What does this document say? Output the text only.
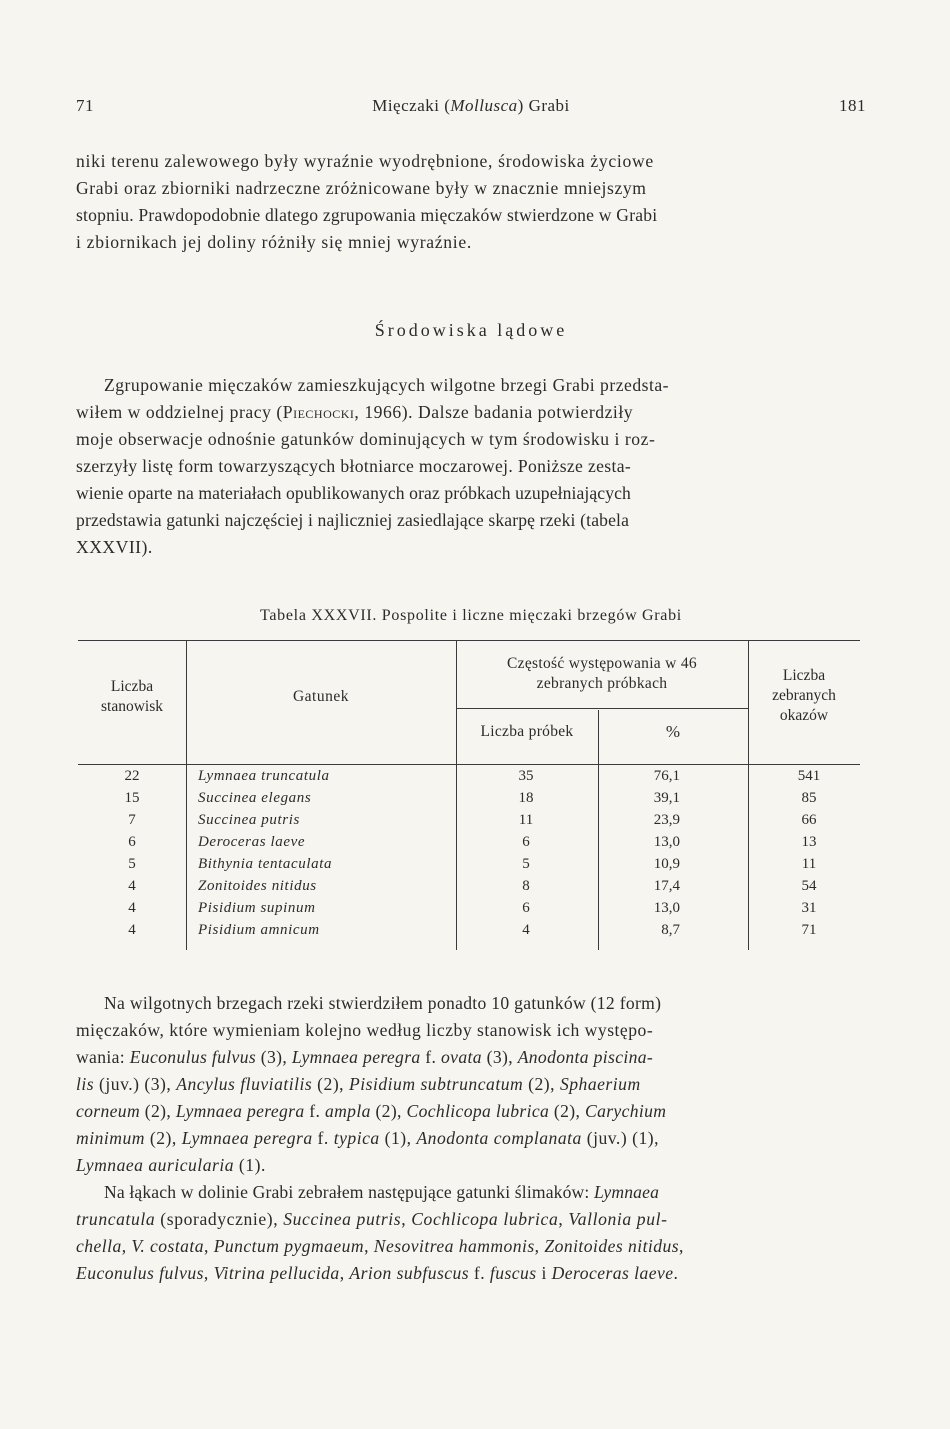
71	Mięczaki (Mollusca) Grabi	181
niki terenu zalewowego były wyraźnie wyodrębnione, środowiska życiowe
Grabi oraz zbiorniki nadrzeczne zróżnicowane były w znacznie mniejszym
stopniu. Prawdopodobnie dlatego zgrupowania mięczaków stwierdzone w Grabi
i zbiornikach jej doliny różniły się mniej wyraźnie.
Środowiska lądowe
Zgrupowanie mięczaków zamieszkujących wilgotne brzegi Grabi przedsta-
wiłem w oddzielnej pracy (Piechocki, 1966). Dalsze badania potwierdziły
moje obserwacje odnośnie gatunków dominujących w tym środowisku i roz-
szerzyły listę form towarzyszących błotniarce moczarowej. Poniższe zesta-
wienie oparte na materiałach opublikowanych oraz próbkach uzupełniających
przedstawia gatunki najczęściej i najliczniej zasiedlające skarpę rzeki (tabela
XXXVII).
Tabela XXXVII. Pospolite i liczne mięczaki brzegów Grabi
Liczba
stanowisk
Gatunek
Częstość występowania w 46
zebranych próbkach
Liczba próbek	%
Liczba
zebranych
okazów
22	Lymnaea truncatula	35	76,1	541
15	Succinea elegans	18	39,1	85
7	Succinea putris	11	23,9	66
6	Deroceras laeve	6	13,0	13
5	Bithynia tentaculata	5	10,9	11
4	Zonitoides nitidus	8	17,4	54
4	Pisidium supinum	6	13,0	31
4	Pisidium amnicum	4	8,7	71
Na wilgotnych brzegach rzeki stwierdziłem ponadto 10 gatunków (12 form)
mięczaków, które wymieniam kolejno według liczby stanowisk ich występo-
wania: Euconulus fulvus (3), Lymnaea peregra f. ovata (3), Anodonta piscina-
lis (juv.) (3), Ancylus fluviatilis (2), Pisidium subtruncatum (2), Sphaerium
corneum (2), Lymnaea peregra f. ampla (2), Cochlicopa lubrica (2), Carychium
minimum (2), Lymnaea peregra f. typica (1), Anodonta complanata (juv.) (1),
Lymnaea auricularia (1).
Na łąkach w dolinie Grabi zebrałem następujące gatunki ślimaków: Lymnaea
truncatula (sporadycznie), Succinea putris, Cochlicopa lubrica, Vallonia pul-
chella, V. costata, Punctum pygmaeum, Nesovitrea hammonis, Zonitoides nitidus,
Euconulus fulvus, Vitrina pellucida, Arion subfuscus f. fuscus i Deroceras laeve.
